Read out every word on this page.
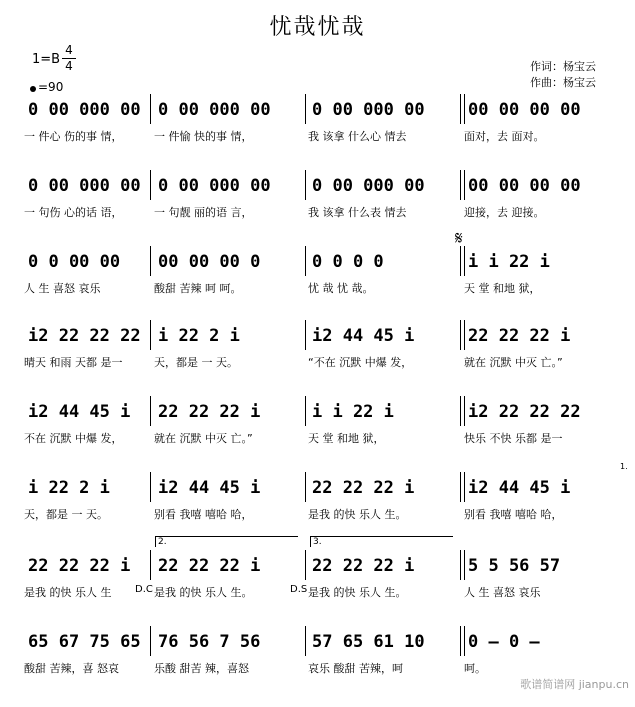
忧哉忧哉
1=B
4
4
=90
作词：杨宝云
作曲：杨宝云
0 00 000 00
一 件心 伤的事 情，
0 00 000 00
一 件愉 快的事 情，
0 00 000 00
我 该拿 什么心 情去
00 00 00 00
面对，去 面对。
0 00 000 00
一 句伤 心的话 语，
0 00 000 00
一 句靓 丽的语 言，
0 00 000 00
我 该拿 什么表 情去
00 00 00 00
迎接，去 迎接。
0 0 00 00
人 生 喜怒 哀乐
00 00 00 0
酸甜 苦辣 呵 呵。
0 0 0 0
忧 哉 忧 哉。
i i 22 i
天 堂 和地 狱，
i2 22 22 22
晴天 和雨 天都 是一
i 22 2 i
天，都是 一 天。
i2 44 45 i
“不在 沉默 中爆 发，
22 22 22 i
就在 沉默 中灭 亡。”
i2 44 45 i
不在 沉默 中爆 发，
22 22 22 i
就在 沉默 中灭 亡。”
i i 22 i
天 堂 和地 狱，
i2 22 22 22
快乐 不快 乐都 是一
i 22 2 i
天，都是 一 天。
i2 44 45 i
别看 我嘻 嘻哈 哈，
22 22 22 i
是我 的快 乐人 生。
i2 44 45 i
别看 我嘻 嘻哈 哈，
22 22 22 i
是我 的快 乐人 生
22 22 22 i
是我 的快 乐人 生。
22 22 22 i
是我 的快 乐人 生。
5 5 56 57
人 生 喜怒 哀乐
65 67 75 65
酸甜 苦辣，喜 怒哀
76 56 7 56
乐酸 甜苦 辣，喜怒
57 65 61 10
哀乐 酸甜 苦辣，呵
0 – 0 –
呵。
D.C	D.S
2.	3.
1.
𝄋
歌谱简谱网 jianpu.cn
